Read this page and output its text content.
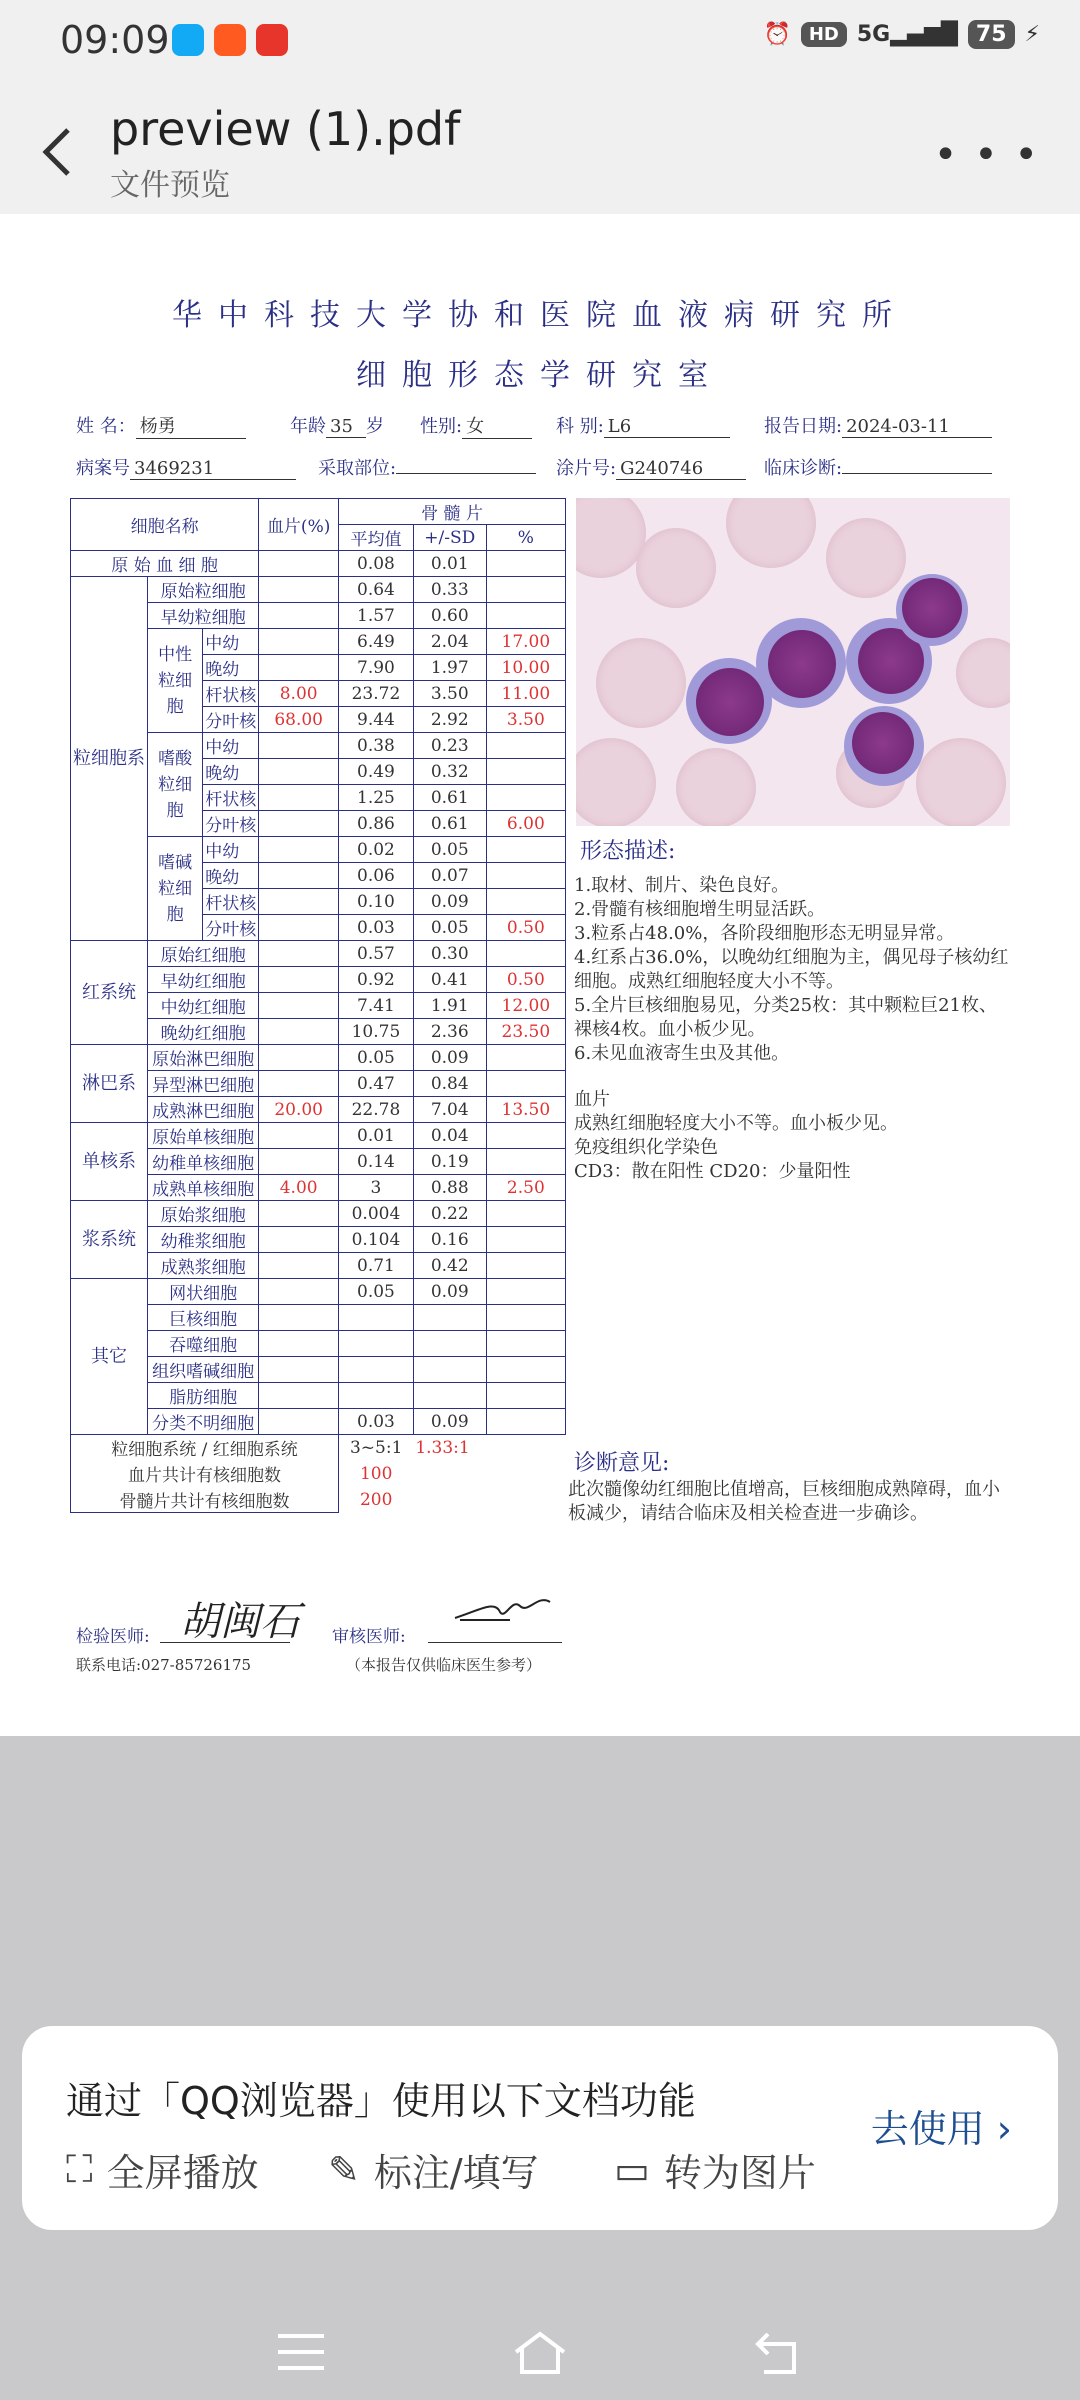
09:09	⏰	HD 5G▂▄▆█ 75 ⚡
preview (1).pdf
文件预览
• • •
华中科技大学协和医院血液病研究所
细胞形态学研究室
姓 名： 杨勇	年龄 35 岁 性别: 女	科 别: L6	报告日期: 2024-03-11
病案号 3469231	采取部位:	涂片号: G240746	临床诊断:
细胞名称			血片(%)	骨 髓 片		
				平均值	+/-SD	%
原 始 血 细 胞				0.08	0.01	
粒细胞系	原始粒细胞			0.64	0.33	
	早幼粒细胞			1.57	0.60	
	中性粒细胞	中幼		6.49	2.04	17.00
		晚幼		7.90	1.97	10.00
		杆状核	8.00	23.72	3.50	11.00
		分叶核	68.00	9.44	2.92	3.50
	嗜酸粒细胞	中幼		0.38	0.23	
		晚幼		0.49	0.32	
		杆状核		1.25	0.61	
		分叶核		0.86	0.61	6.00
	嗜碱粒细胞	中幼		0.02	0.05	
		晚幼		0.06	0.07	
		杆状核		0.10	0.09	
		分叶核		0.03	0.05	0.50
红系统	原始红细胞			0.57	0.30	
	早幼红细胞			0.92	0.41	0.50
	中幼红细胞			7.41	1.91	12.00
	晚幼红细胞			10.75	2.36	23.50
淋巴系	原始淋巴细胞			0.05	0.09	
	异型淋巴细胞			0.47	0.84	
	成熟淋巴细胞		20.00	22.78	7.04	13.50
单核系	原始单核细胞			0.01	0.04	
	幼稚单核细胞			0.14	0.19	
	成熟单核细胞		4.00	3	0.88	2.50
浆系统	原始浆细胞			0.004	0.22	
	幼稚浆细胞			0.104	0.16	
	成熟浆细胞			0.71	0.42	
其它	网状细胞			0.05	0.09	
	巨核细胞					
	吞噬细胞					
	组织嗜碱细胞					
	脂肪细胞					
	分类不明细胞			0.03	0.09	
粒细胞系统 / 红细胞系统				3~5:1	1.33:1	
血片共计有核细胞数				100		
骨髓片共计有核细胞数				200		
形态描述:
1.取材、制片、染色良好。
2.骨髓有核细胞增生明显活跃。
3.粒系占48.0%，各阶段细胞形态无明显异常。
4.红系占36.0%，以晚幼红细胞为主，偶见母子核幼红细胞。成熟红细胞轻度大小不等。
5.全片巨核细胞易见，分类25枚：其中颗粒巨21枚、裸核4枚。血小板少见。
6.未见血液寄生虫及其他。
血片
成熟红细胞轻度大小不等。血小板少见。
免疫组织化学染色
CD3：散在阳性 CD20：少量阳性
诊断意见:
此次髓像幼红细胞比值增高，巨核细胞成熟障碍，血小板减少，请结合临床及相关检查进一步确诊。
检验医师: 胡闽石 审核医师:
联系电话:027-85726175	（本报告仅供临床医生参考）
通过「QQ浏览器」使用以下文档功能
去使用 ›
⛶ 全屏播放 ✎ 标注/填写 ▭ 转为图片
